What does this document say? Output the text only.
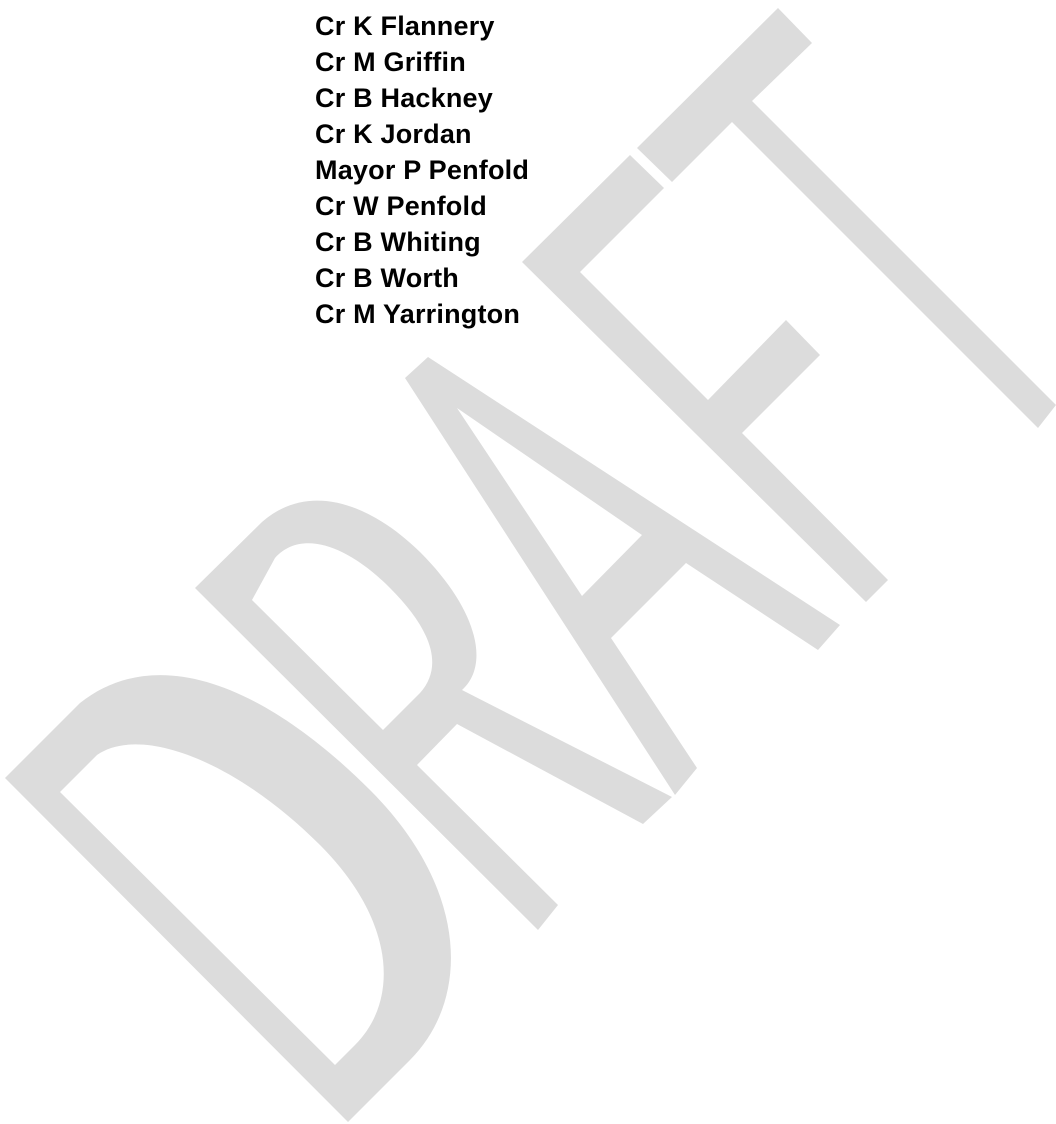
Cr K Flannery
Cr M Griffin
Cr B Hackney
Cr K Jordan
Mayor P Penfold
Cr W Penfold
Cr B Whiting
Cr B Worth
Cr M Yarrington
